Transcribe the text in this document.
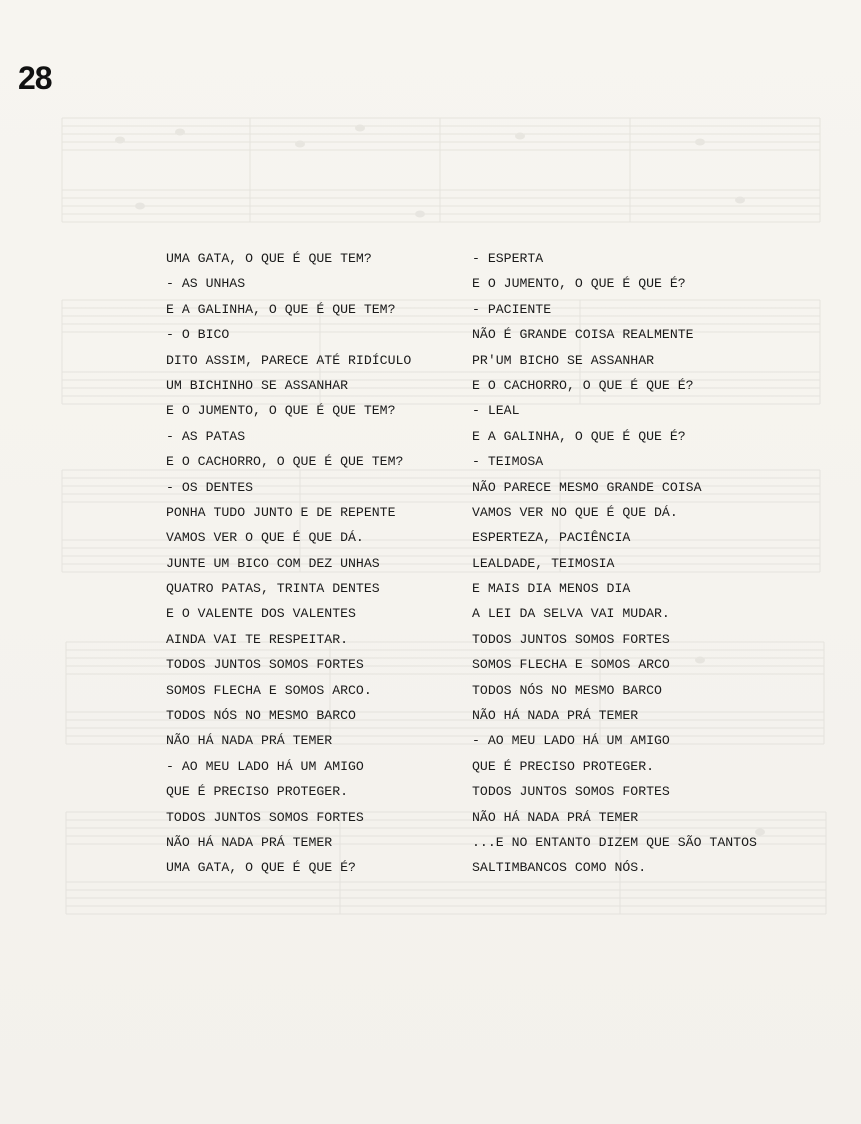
28
UMA GATA, O QUE É QUE TEM?
- AS UNHAS
E A GALINHA, O QUE É QUE TEM?
- O BICO
DITO ASSIM, PARECE ATÉ RIDÍCULO
UM BICHINHO SE ASSANHAR
E O JUMENTO, O QUE É QUE TEM?
- AS PATAS
E O CACHORRO, O QUE É QUE TEM?
- OS DENTES
PONHA TUDO JUNTO E DE REPENTE
VAMOS VER O QUE É QUE DÁ.
JUNTE UM BICO COM DEZ UNHAS
QUATRO PATAS, TRINTA DENTES
E O VALENTE DOS VALENTES
AINDA VAI TE RESPEITAR.
TODOS JUNTOS SOMOS FORTES
SOMOS FLECHA E SOMOS ARCO.
TODOS NÓS NO MESMO BARCO
NÃO HÁ NADA PRÁ TEMER
- AO MEU LADO HÁ UM AMIGO
QUE É PRECISO PROTEGER.
TODOS JUNTOS SOMOS FORTES
NÃO HÁ NADA PRÁ TEMER
UMA GATA, O QUE É QUE É?
- ESPERTA
E O JUMENTO, O QUE É QUE É?
- PACIENTE
NÃO É GRANDE COISA REALMENTE
PR'UM BICHO SE ASSANHAR
E O CACHORRO, O QUE É QUE É?
- LEAL
E A GALINHA, O QUE É QUE É?
- TEIMOSA
NÃO PARECE MESMO GRANDE COISA
VAMOS VER NO QUE É QUE DÁ.
ESPERTEZA, PACIÊNCIA
LEALDADE, TEIMOSIA
E MAIS DIA MENOS DIA
A LEI DA SELVA VAI MUDAR.
TODOS JUNTOS SOMOS FORTES
SOMOS FLECHA E SOMOS ARCO
TODOS NÓS NO MESMO BARCO
NÃO HÁ NADA PRÁ TEMER
- AO MEU LADO HÁ UM AMIGO
QUE É PRECISO PROTEGER.
TODOS JUNTOS SOMOS FORTES
NÃO HÁ NADA PRÁ TEMER
...E NO ENTANTO DIZEM QUE SÃO TANTOS
SALTIMBANCOS COMO NÓS.
